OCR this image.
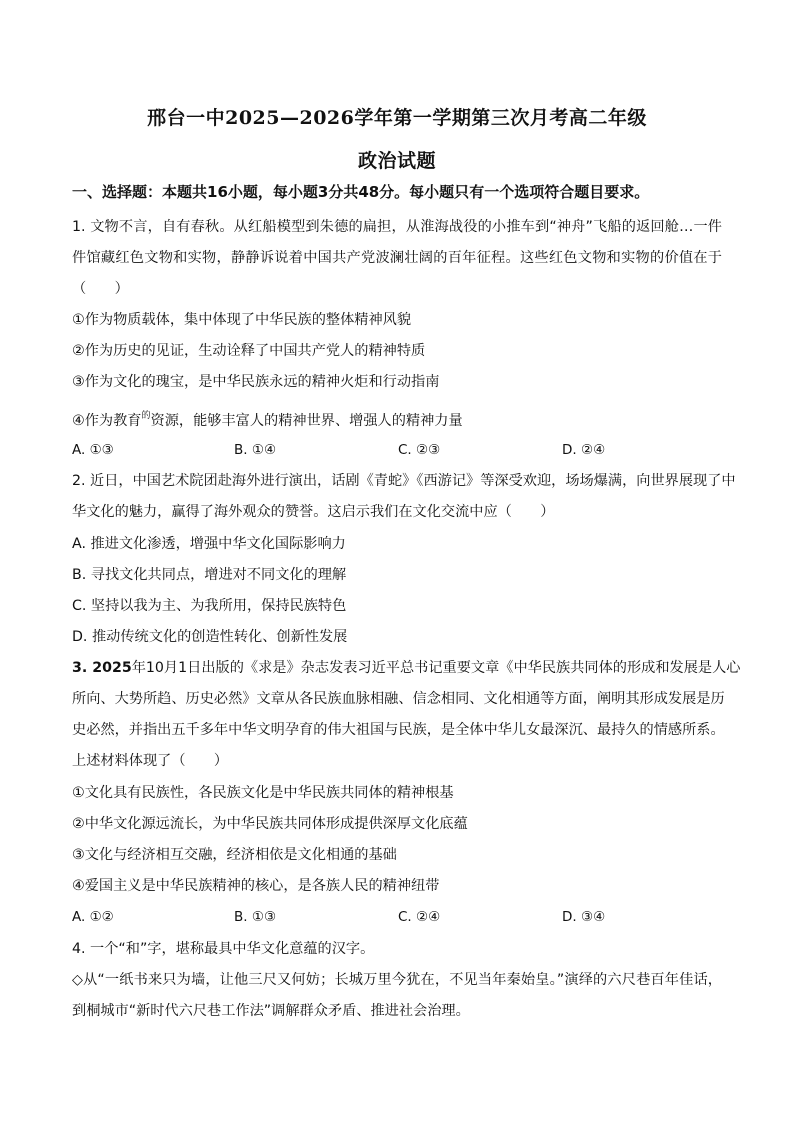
邢台一中2025—2026学年第一学期第三次月考高二年级
政治试题
一、选择题：本题共16小题，每小题3分共48分。每小题只有一个选项符合题目要求。
1. 文物不言，自有春秋。从红船模型到朱德的扁担，从淮海战役的小推车到“神舟”飞船的返回舱…一件
件馆藏红色文物和实物，静静诉说着中国共产党波澜壮阔的百年征程。这些红色文物和实物的价值在于
（　　）
①作为物质载体，集中体现了中华民族的整体精神风貌
②作为历史的见证，生动诠释了中国共产党人的精神特质
③作为文化的瑰宝，是中华民族永远的精神火炬和行动指南
④作为教育$^的$资源，能够丰富人的精神世界、增强人的精神力量
A. ①③	B. ①④	C. ②③	D. ②④
2. 近日，中国艺术院团赴海外进行演出，话剧《青蛇》《西游记》等深受欢迎，场场爆满，向世界展现了中
华文化的魅力，赢得了海外观众的赞誉。这启示我们在文化交流中应（　　）
A. 推进文化渗透，增强中华文化国际影响力
B. 寻找文化共同点，增进对不同文化的理解
C. 坚持以我为主、为我所用，保持民族特色
D. 推动传统文化的创造性转化、创新性发展
3. 2025年10月1日出版的《求是》杂志发表习近平总书记重要文章《中华民族共同体的形成和发展是人心
所向、大势所趋、历史必然》文章从各民族血脉相融、信念相同、文化相通等方面，阐明其形成发展是历
史必然，并指出五千多年中华文明孕育的伟大祖国与民族，是全体中华儿女最深沉、最持久的情感所系。
上述材料体现了（　　）
①文化具有民族性，各民族文化是中华民族共同体的精神根基
②中华文化源远流长，为中华民族共同体形成提供深厚文化底蕴
③文化与经济相互交融，经济相依是文化相通的基础
④爱国主义是中华民族精神的核心，是各族人民的精神纽带
A. ①②	B. ①③	C. ②④	D. ③④
4. 一个“和”字，堪称最具中华文化意蕴的汉字。
◇从“一纸书来只为墙，让他三尺又何妨；长城万里今犹在，不见当年秦始皇。”演绎的六尺巷百年佳话，
到桐城市“新时代六尺巷工作法”调解群众矛盾、推进社会治理。
